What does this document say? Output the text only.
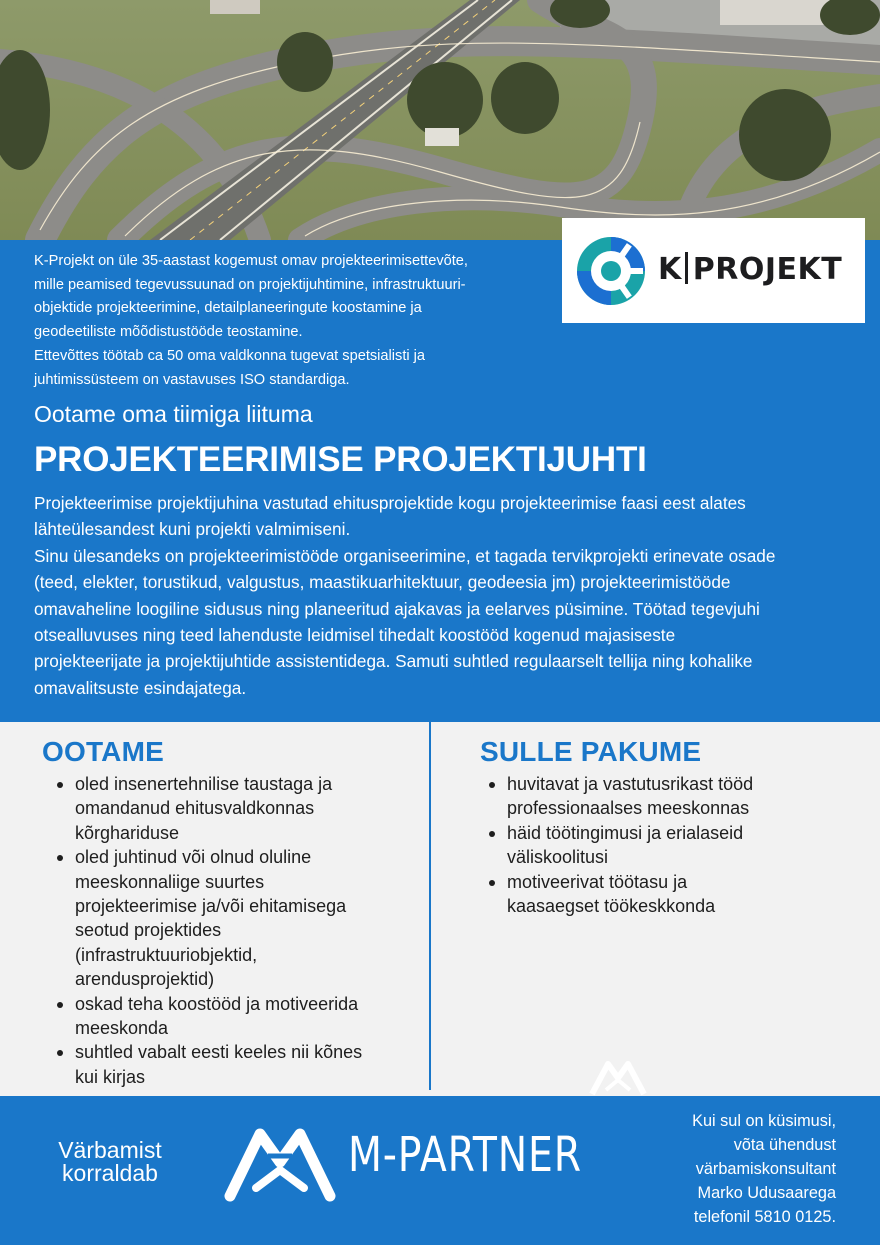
K-Projekt on üle 35-aastast kogemust omav projekteerimisettevõte,

mille peamised tegevussuunad on projektijuhtimine, infrastruktuuri-

objektide projekteerimine, detailplaneeringute koostamine ja

geodeetiliste mõõdistustööde teostamine.

Ettevõttes töötab ca 50 oma valdkonna tugevat spetsialisti ja

juhtimissüsteem on vastavuses ISO standardiga.

K PROJEKT
Ootame oma tiimiga liituma
PROJEKTEERIMISE PROJEKTIJUHTI

Projekteerimise projektijuhina vastutad ehitusprojektide kogu projekteerimise faasi eest alates

lähteülesandest kuni projekti valmimiseni.

Sinu ülesandeks on projekteerimistööde organiseerimine, et tagada tervikprojekti erinevate osade

(teed, elekter, torustikud, valgustus, maastikuarhitektuur, geodeesia jm) projekteerimistööde

omavaheline loogiline sidusus ning planeeritud ajakavas ja eelarves püsimine. Töötad tegevjuhi

otsealluvuses ning teed lahenduste leidmisel tihedalt koostööd kogenud majasiseste

projekteerijate ja projektijuhtide assistentidega. Samuti suhtled regulaarselt tellija ning kohalike

omavalitsuste esindajatega.

OOTAME
oled insenertehnilise taustaga ja
omandanud ehitusvaldkonnas
kõrghariduse
oled juhtinud või olnud oluline
meeskonnaliige suurtes
projekteerimise ja/või ehitamisega
seotud projektides
(infrastruktuuriobjektid,
arendusprojektid)
oskad teha koostööd ja motiveerida
meeskonda
suhtled vabalt eesti keeles nii kõnes
kui kirjas
SULLE PAKUME
huvitavat ja vastutusrikast tööd
professionaalses meeskonnas
häid töötingimusi ja erialaseid
väliskoolitusi
motiveerivat töötasu ja
kaasaegset töökeskkonda
Värbamist
korraldab	M-PARTNER

Kui sul on küsimusi,

võta ühendust

värbamiskonsultant

Marko Udusaarega

telefonil 5810 0125.
